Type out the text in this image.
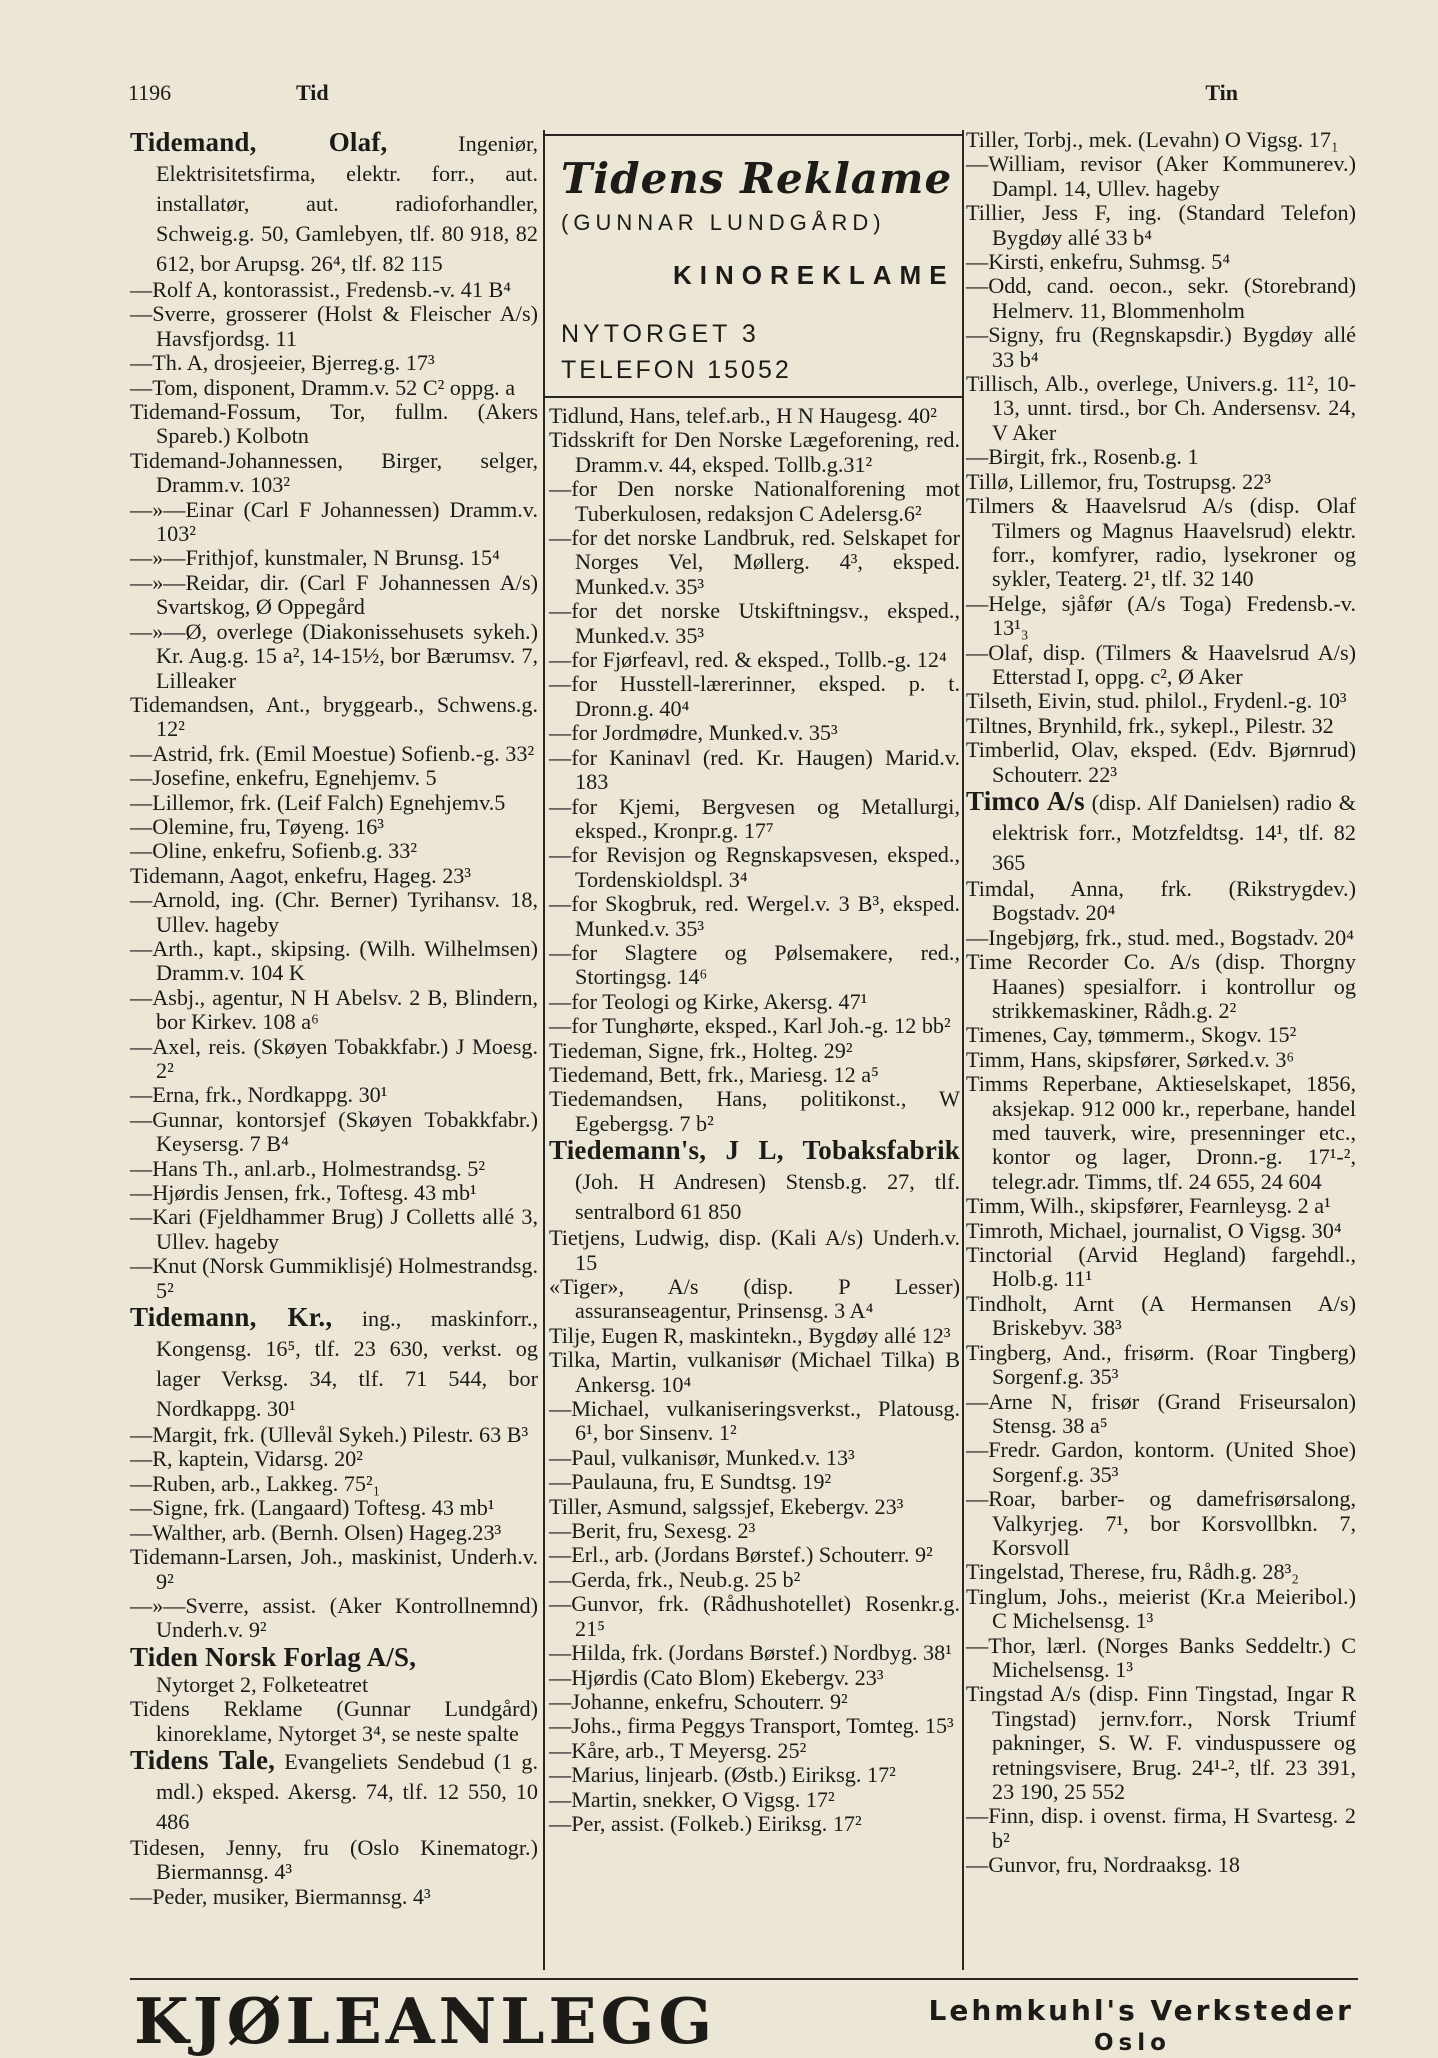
1196	Tid	Tin
Tidens Reklame
(GUNNAR LUNDGÅRD)
KINOREKLAME
NYTORGET 3
TELEFON 15052

Tidemand, Olaf, Ingeniør, Elektrisitetsfirma, elektr. forr., aut. installatør, aut. radioforhandler, Schweig.g. 50, Gamlebyen, tlf. 80 918, 82 612, bor Arupsg. 26⁴, tlf. 82 115

—Rolf A, kontorassist., Fredensb.-v. 41 B⁴

—Sverre, grosserer (Holst & Fleischer A/s) Havsfjordsg. 11

—Th. A, drosjeeier, Bjerreg.g. 17³

—Tom, disponent, Dramm.v. 52 C² oppg. a

Tidemand-Fossum, Tor, fullm. (Akers Spareb.) Kolbotn

Tidemand-Johannessen, Birger, selger, Dramm.v. 103²

—»—Einar (Carl F Johannessen) Dramm.v. 103²

—»—Frithjof, kunstmaler, N Brunsg. 15⁴

—»—Reidar, dir. (Carl F Johannessen A/s) Svartskog, Ø Oppegård

—»—Ø, overlege (Diakonissehusets sykeh.) Kr. Aug.g. 15 a², 14-15½, bor Bærumsv. 7, Lilleaker

Tidemandsen, Ant., bryggearb., Schwens.g. 12²

—Astrid, frk. (Emil Moestue) Sofienb.-g. 33²

—Josefine, enkefru, Egnehjemv. 5

—Lillemor, frk. (Leif Falch) Egnehjemv.5

—Olemine, fru, Tøyeng. 16³

—Oline, enkefru, Sofienb.g. 33²

Tidemann, Aagot, enkefru, Hageg. 23³

—Arnold, ing. (Chr. Berner) Tyrihansv. 18, Ullev. hageby

—Arth., kapt., skipsing. (Wilh. Wilhelmsen) Dramm.v. 104 K

—Asbj., agentur, N H Abelsv. 2 B, Blindern, bor Kirkev. 108 a⁶

—Axel, reis. (Skøyen Tobakkfabr.) J Moesg. 2²

—Erna, frk., Nordkappg. 30¹

—Gunnar, kontorsjef (Skøyen Tobakkfabr.) Keysersg. 7 B⁴

—Hans Th., anl.arb., Holmestrandsg. 5²

—Hjørdis Jensen, frk., Toftesg. 43 mb¹

—Kari (Fjeldhammer Brug) J Colletts allé 3, Ullev. hageby

—Knut (Norsk Gummiklisjé) Holmestrandsg. 5²

Tidemann, Kr., ing., maskinforr., Kongensg. 16⁵, tlf. 23 630, verkst. og lager Verksg. 34, tlf. 71 544, bor Nordkappg. 30¹

—Margit, frk. (Ullevål Sykeh.) Pilestr. 63 B³

—R, kaptein, Vidarsg. 20²

—Ruben, arb., Lakkeg. 75²₁

—Signe, frk. (Langaard) Toftesg. 43 mb¹

—Walther, arb. (Bernh. Olsen) Hageg.23³

Tidemann-Larsen, Joh., maskinist, Underh.v. 9²

—»—Sverre, assist. (Aker Kontrollnemnd) Underh.v. 9²

Tiden Norsk Forlag A/S,

Nytorget 2, Folketeatret

Tidens Reklame (Gunnar Lundgård) kinoreklame, Nytorget 3⁴, se neste spalte

Tidens Tale, Evangeliets Sendebud (1 g. mdl.) eksped. Akersg. 74, tlf. 12 550, 10 486

Tidesen, Jenny, fru (Oslo Kinematogr.) Biermannsg. 4³

—Peder, musiker, Biermannsg. 4³

Tidlund, Hans, telef.arb., H N Haugesg. 40²

Tidsskrift for Den Norske Lægeforening, red. Dramm.v. 44, eksped. Tollb.g.31²

—for Den norske Nationalforening mot Tuberkulosen, redaksjon C Adelersg.6²

—for det norske Landbruk, red. Selskapet for Norges Vel, Møllerg. 4³, eksped. Munked.v. 35³

—for det norske Utskiftningsv., eksped., Munked.v. 35³

—for Fjørfeavl, red. & eksped., Tollb.-g. 12⁴

—for Husstell-lærerinner, eksped. p. t. Dronn.g. 40⁴

—for Jordmødre, Munked.v. 35³

—for Kaninavl (red. Kr. Haugen) Marid.v. 183

—for Kjemi, Bergvesen og Metallurgi, eksped., Kronpr.g. 17⁷

—for Revisjon og Regnskapsvesen, eksped., Tordenskioldspl. 3⁴

—for Skogbruk, red. Wergel.v. 3 B³, eksped. Munked.v. 35³

—for Slagtere og Pølsemakere, red., Stortingsg. 14⁶

—for Teologi og Kirke, Akersg. 47¹

—for Tunghørte, eksped., Karl Joh.-g. 12 bb²

Tiedeman, Signe, frk., Holteg. 29²

Tiedemand, Bett, frk., Mariesg. 12 a⁵

Tiedemandsen, Hans, politikonst., W Egebergsg. 7 b²

Tiedemann's, J L, Tobaksfabrik (Joh. H Andresen) Stensb.g. 27, tlf. sentralbord 61 850

Tietjens, Ludwig, disp. (Kali A/s) Underh.v. 15

«Tiger», A/s (disp. P Lesser) assuranseagentur, Prinsensg. 3 A⁴

Tilje, Eugen R, maskintekn., Bygdøy allé 12³

Tilka, Martin, vulkanisør (Michael Tilka) B Ankersg. 10⁴

—Michael, vulkaniseringsverkst., Platousg. 6¹, bor Sinsenv. 1²

—Paul, vulkanisør, Munked.v. 13³

—Paulauna, fru, E Sundtsg. 19²

Tiller, Asmund, salgssjef, Ekebergv. 23³

—Berit, fru, Sexesg. 2³

—Erl., arb. (Jordans Børstef.) Schouterr. 9²

—Gerda, frk., Neub.g. 25 b²

—Gunvor, frk. (Rådhushotellet) Rosenkr.g. 21⁵

—Hilda, frk. (Jordans Børstef.) Nordbyg. 38¹

—Hjørdis (Cato Blom) Ekebergv. 23³

—Johanne, enkefru, Schouterr. 9²

—Johs., firma Peggys Transport, Tomteg. 15³

—Kåre, arb., T Meyersg. 25²

—Marius, linjearb. (Østb.) Eiriksg. 17²

—Martin, snekker, O Vigsg. 17²

—Per, assist. (Folkeb.) Eiriksg. 17²

Tiller, Torbj., mek. (Levahn) O Vigsg. 17₁

—William, revisor (Aker Kommunerev.) Dampl. 14, Ullev. hageby

Tillier, Jess F, ing. (Standard Telefon) Bygdøy allé 33 b⁴

—Kirsti, enkefru, Suhmsg. 5⁴

—Odd, cand. oecon., sekr. (Storebrand) Helmerv. 11, Blommenholm

—Signy, fru (Regnskapsdir.) Bygdøy allé 33 b⁴

Tillisch, Alb., overlege, Univers.g. 11², 10-13, unnt. tirsd., bor Ch. Andersensv. 24, V Aker

—Birgit, frk., Rosenb.g. 1

Tillø, Lillemor, fru, Tostrupsg. 22³

Tilmers & Haavelsrud A/s (disp. Olaf Tilmers og Magnus Haavelsrud) elektr. forr., komfyrer, radio, lysekroner og sykler, Teaterg. 2¹, tlf. 32 140

—Helge, sjåfør (A/s Toga) Fredensb.-v. 13¹₃

—Olaf, disp. (Tilmers & Haavelsrud A/s) Etterstad I, oppg. c², Ø Aker

Tilseth, Eivin, stud. philol., Frydenl.-g. 10³

Tiltnes, Brynhild, frk., sykepl., Pilestr. 32

Timberlid, Olav, eksped. (Edv. Bjørnrud) Schouterr. 22³

Timco A/s (disp. Alf Danielsen) radio & elektrisk forr., Motzfeldtsg. 14¹, tlf. 82 365

Timdal, Anna, frk. (Rikstrygdev.) Bogstadv. 20⁴

—Ingebjørg, frk., stud. med., Bogstadv. 20⁴

Time Recorder Co. A/s (disp. Thorgny Haanes) spesialforr. i kontrollur og strikkemaskiner, Rådh.g. 2²

Timenes, Cay, tømmerm., Skogv. 15²

Timm, Hans, skipsfører, Sørked.v. 3⁶

Timms Reperbane, Aktieselskapet, 1856, aksjekap. 912 000 kr., reperbane, handel med tauverk, wire, presenninger etc., kontor og lager, Dronn.-g. 17¹-², telegr.adr. Timms, tlf. 24 655, 24 604

Timm, Wilh., skipsfører, Fearnleysg. 2 a¹

Timroth, Michael, journalist, O Vigsg. 30⁴

Tinctorial (Arvid Hegland) fargehdl., Holb.g. 11¹

Tindholt, Arnt (A Hermansen A/s) Briskebyv. 38³

Tingberg, And., frisørm. (Roar Tingberg) Sorgenf.g. 35³

—Arne N, frisør (Grand Friseursalon) Stensg. 38 a⁵

—Fredr. Gardon, kontorm. (United Shoe) Sorgenf.g. 35³

—Roar, barber- og damefrisørsalong, Valkyrjeg. 7¹, bor Korsvollbkn. 7, Korsvoll

Tingelstad, Therese, fru, Rådh.g. 28³₂

Tinglum, Johs., meierist (Kr.a Meieribol.) C Michelsensg. 1³

—Thor, lærl. (Norges Banks Seddeltr.) C Michelsensg. 1³

Tingstad A/s (disp. Finn Tingstad, Ingar R Tingstad) jernv.forr., Norsk Triumf pakninger, S. W. F. vinduspussere og retningsvisere, Brug. 24¹-², tlf. 23 391, 23 190, 25 552

—Finn, disp. i ovenst. firma, H Svartesg. 2 b²

—Gunvor, fru, Nordraaksg. 18

KJØLEANLEGG	Lehmkuhl's Verksteder
Oslo
